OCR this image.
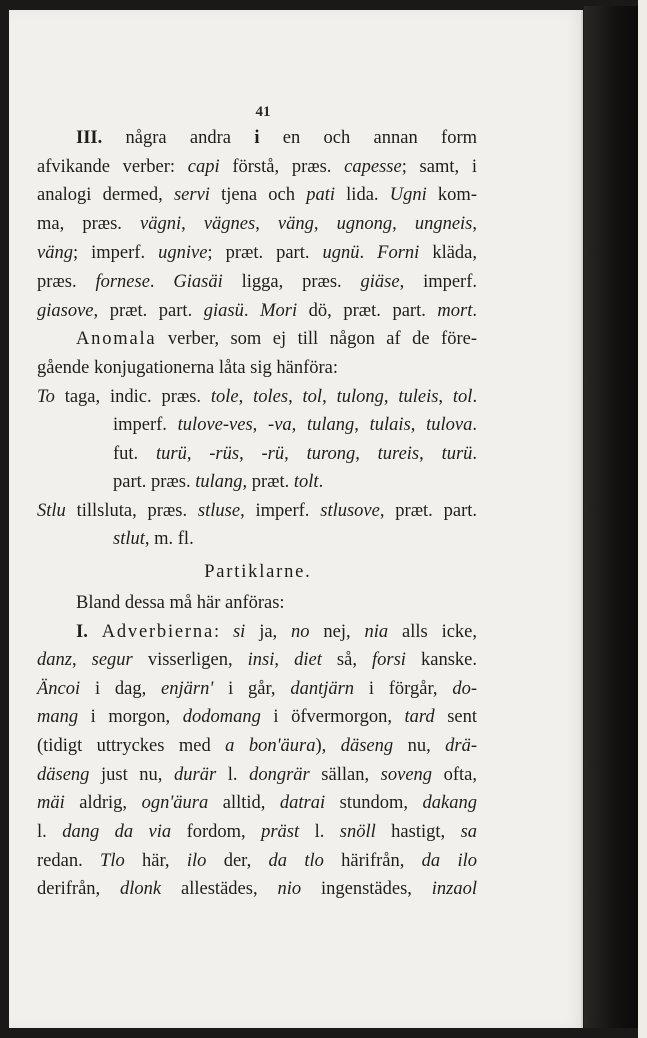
41
III. några andra i en och annan form
afvikande verber: capi förstå, præs. capesse; samt, i
analogi dermed, servi tjena och pati lida. Ugni kom-
ma, præs. vägni, vägnes, väng, ugnong, ungneis,
väng; imperf. ugnive; præt. part. ugnü. Forni kläda,
præs. fornese. Giasäi ligga, præs. giäse, imperf.
giasove, præt. part. giasü. Mori dö, præt. part. mort.
Anomala verber, som ej till någon af de före-
gående konjugationerna låta sig hänföra:
To taga, indic. præs. tole, toles, tol, tulong, tuleis, tol.
imperf. tulove-ves, -va, tulang, tulais, tulova.
fut. turü, -rüs, -rü, turong, tureis, turü.
part. præs. tulang, præt. tolt.
Stlu tillsluta, præs. stluse, imperf. stlusove, præt. part.
stlut, m. fl.
Partiklarne.
Bland dessa må här anföras:
I. Adverbierna: si ja, no nej, nia alls icke,
danz, segur visserligen, insi, diet så, forsi kanske.
Äncoi i dag, enjärn' i går, dantjärn i förgår, do-
mang i morgon, dodomang i öfvermorgon, tard sent
(tidigt uttryckes med a bon'äura), däseng nu, drä-
däseng just nu, durär l. dongrär sällan, soveng ofta,
mäi aldrig, ogn'äura alltid, datrai stundom, dakang
l. dang da via fordom, präst l. snöll hastigt, sa
redan. Tlo här, ilo der, da tlo härifrån, da ilo
derifrån, dlonk allestädes, nio ingenstädes, inzaol
